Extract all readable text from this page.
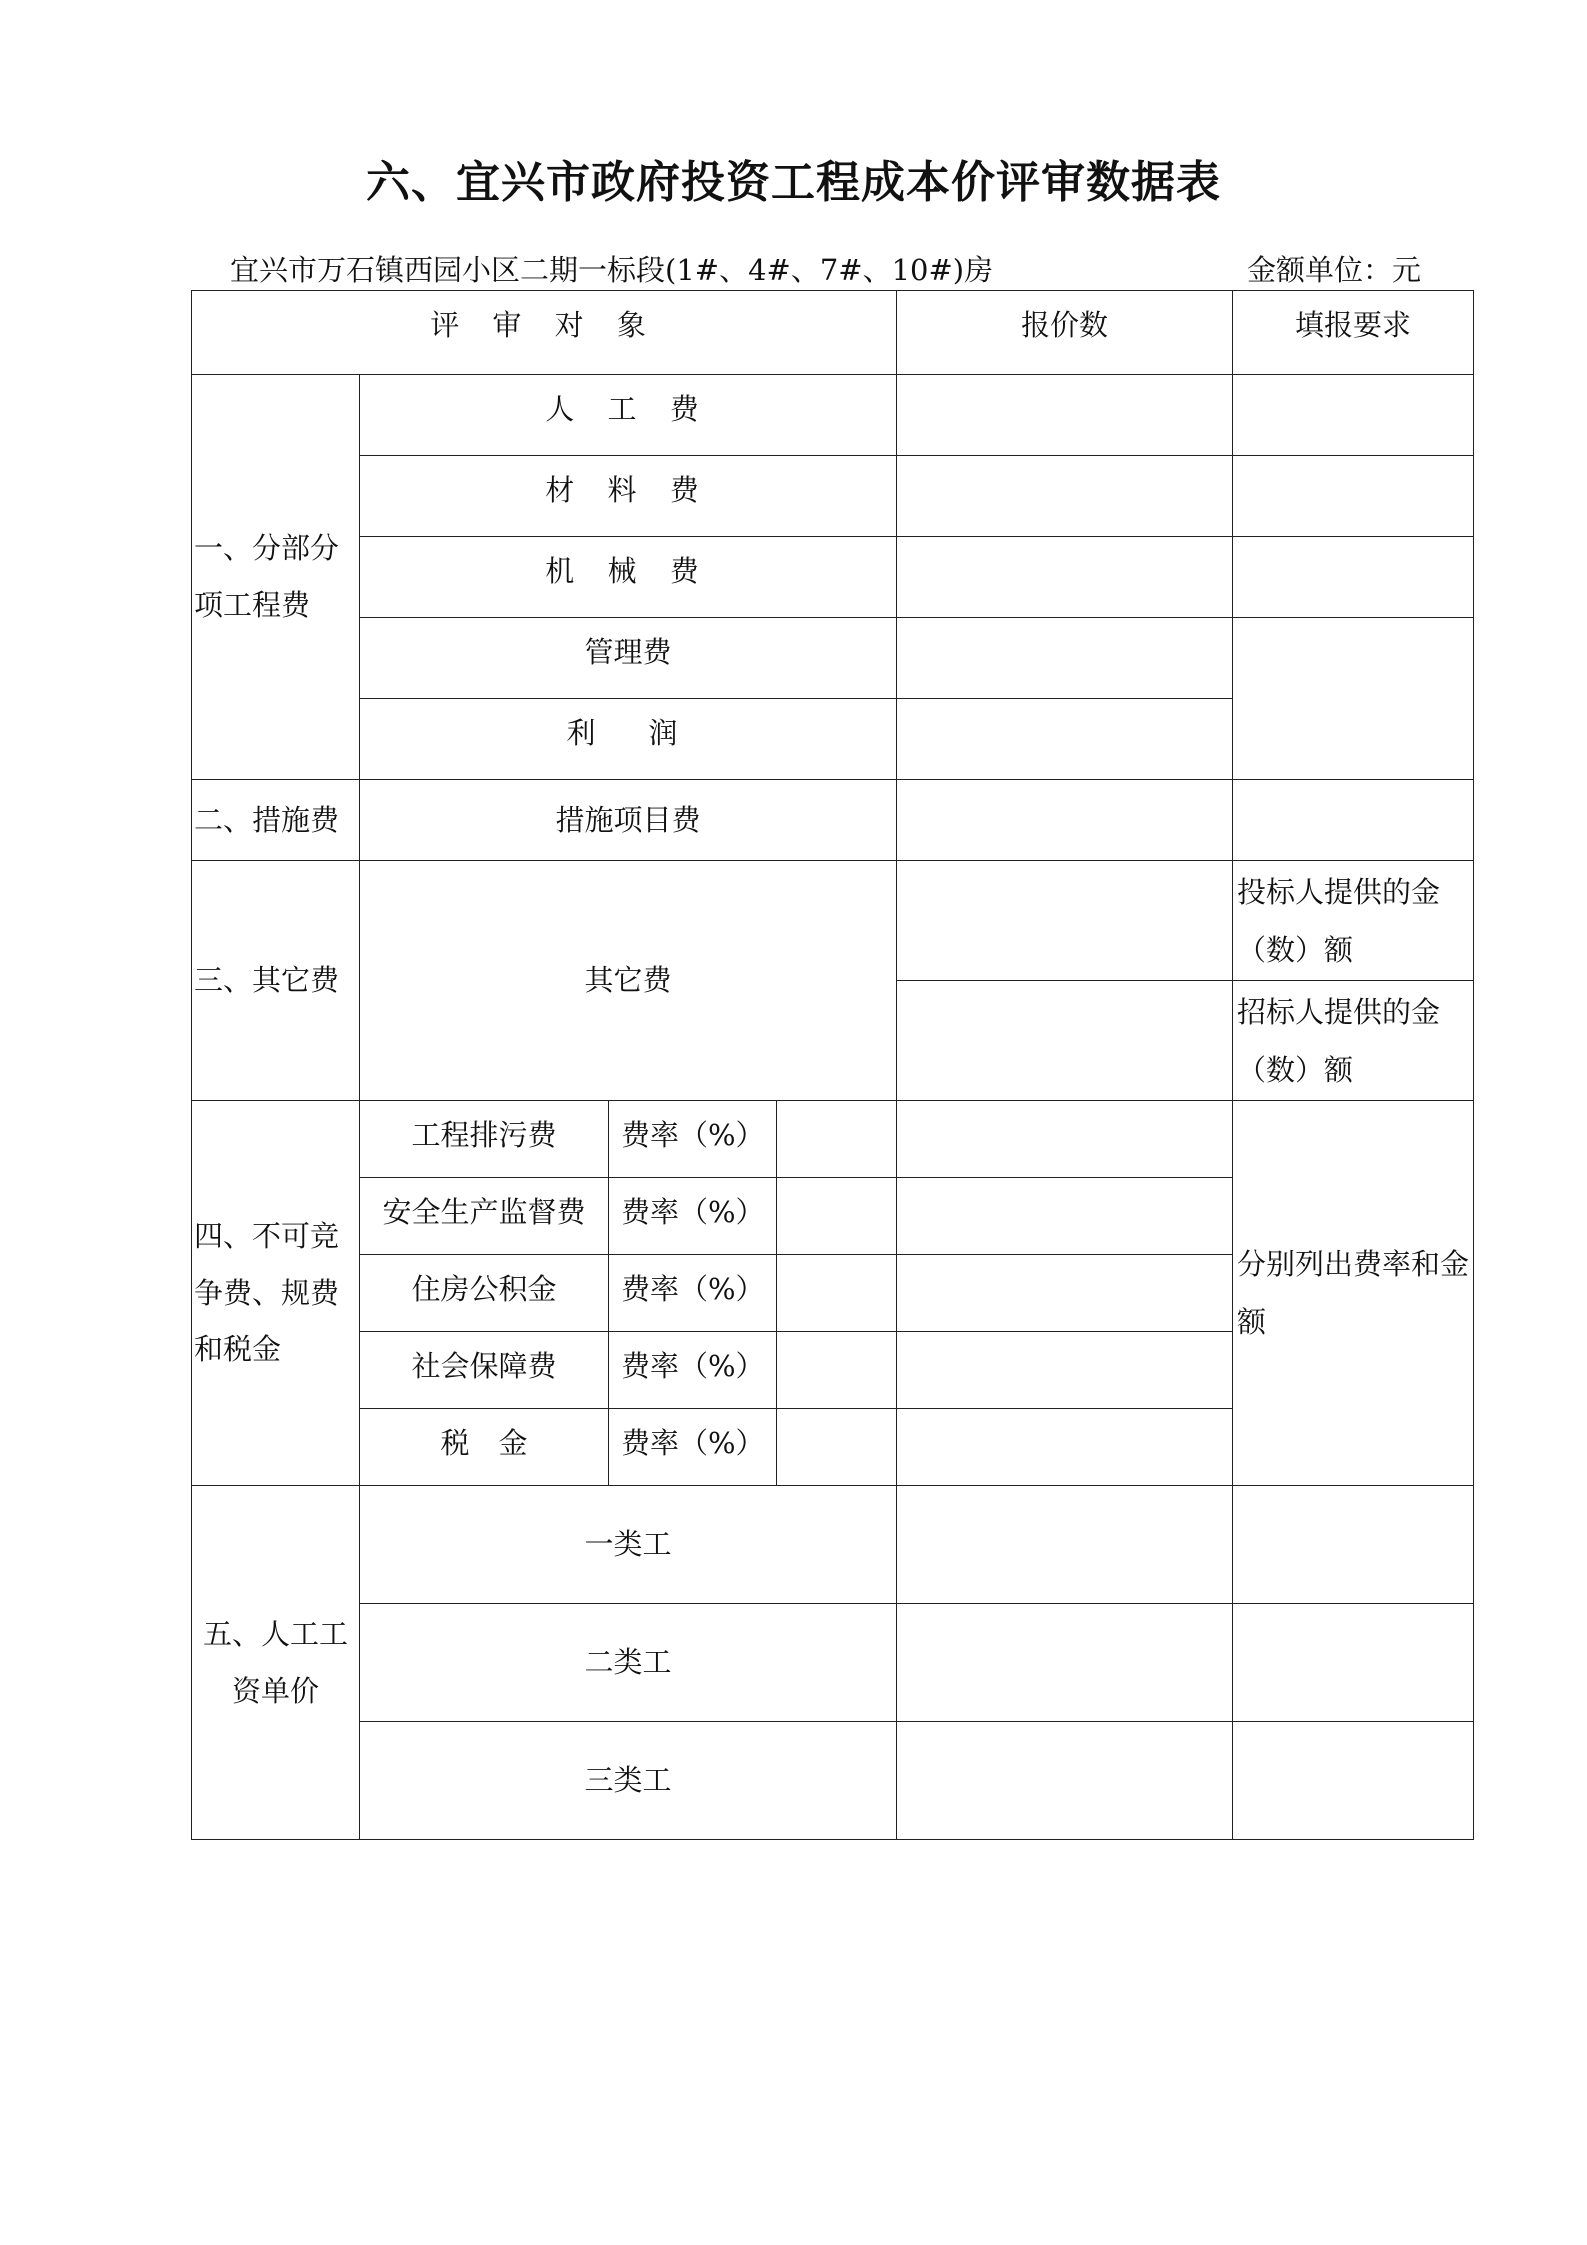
六、宜兴市政府投资工程成本价评审数据表
宜兴市万石镇西园小区二期一标段(1#、4#、7#、10#)房	金额单位：元
评 审 对 象				报价数	填报要求
一、分部分项工程费	人 工 费				
	材 料 费				
	机 械 费				
	管理费				
	利　润				
二、措施费	措施项目费				
三、其它费	其它费				投标人提供的金（数）额
					招标人提供的金（数）额
四、不可竞争费、规费和税金	工程排污费	费率（%）			分别列出费率和金额
	安全生产监督费	费率（%）			
	住房公积金	费率（%）			
	社会保障费	费率（%）			
	税　金	费率（%）			
五、人工工资单价	一类工				
	二类工				
	三类工				
